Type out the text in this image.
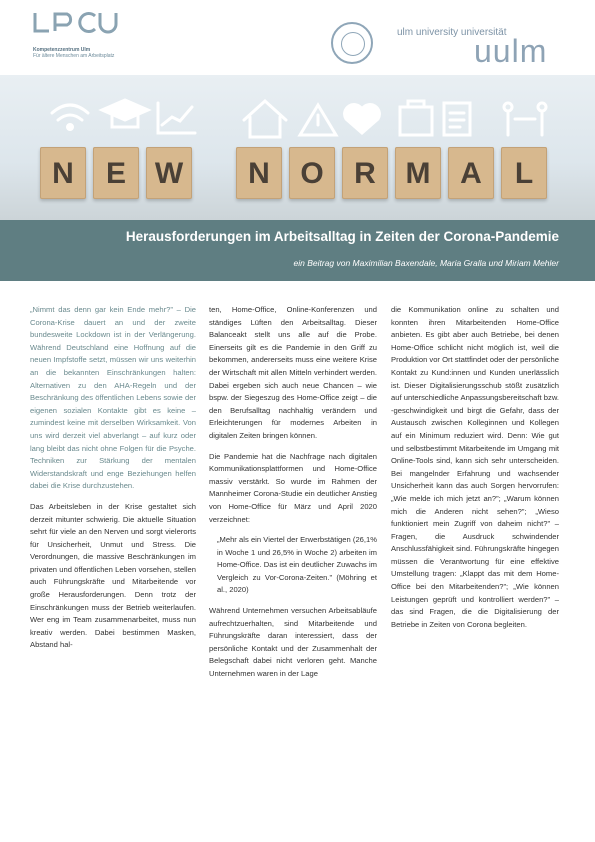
Kompetenzzentrum Ulm
Für ältere Menschen am Arbeitsplatz
ulm university universität
uulm
N	E W	N	O	R M A	L
Herausforderungen im Arbeitsalltag in Zeiten der Corona-Pandemie
ein Beitrag von Maximilian Baxendale, Maria Gralla und Miriam Mehler

„Nimmt das denn gar kein Ende mehr?” – Die Corona-Krise dauert an und der zweite bundesweite Lockdown ist in der Verlängerung. Während Deutschland eine Hoffnung auf die neuen Impfstoffe setzt, müssen wir uns weiterhin an die bekannten Einschränkungen halten: Alternativen zu den AHA-Regeln und der Beschränkung des öffentlichen Lebens sowie der eigenen sozialen Kontakte gibt es keine – zumindest keine mit derselben Wirksamkeit. Von uns wird derzeit viel abverlangt – auf kurz oder lang bleibt das nicht ohne Folgen für die Psyche. Techniken zur Stärkung der mentalen Widerstandskraft und enge Beziehungen helfen dabei die Krise durchzustehen.

Das Arbeitsleben in der Krise gestaltet sich derzeit mitunter schwierig. Die aktuelle Situation sehrt für viele an den Nerven und sorgt vielerorts für Unsicherheit, Unmut und Stress. Die Verordnungen, die massive Beschränkungen im privaten und öffentlichen Leben vorsehen, stellen auch Führungskräfte und Mitarbeitende vor große Herausforderungen. Denn trotz der Einschränkungen muss der Betrieb weiterlaufen. Wer eng im Team zusammenarbeitet, muss nun kreativ werden. Dabei bestimmen Masken, Abstand hal-

ten, Home-Office, Online-Konferenzen und ständiges Lüften den Arbeitsalltag. Dieser Balanceakt stellt uns alle auf die Probe. Einerseits gilt es die Pandemie in den Griff zu bekommen, andererseits muss eine weitere Krise der Wirtschaft mit allen Mitteln verhindert werden. Dabei ergeben sich auch neue Chancen – wie bspw. der Siegeszug des Home-Office zeigt – die den Berufsalltag nachhaltig verändern und Erleichterungen für modernes Arbeiten in digitalen Zeiten bringen können.

Die Pandemie hat die Nachfrage nach digitalen Kommunikationsplattformen und Home-Office massiv verstärkt. So wurde im Rahmen der Mannheimer Corona-Studie ein deutlicher Anstieg von Home-Office für März und April 2020 verzeichnet:

„Mehr als ein Viertel der Erwerbstätigen (26,1% in Woche 1 und 26,5% in Woche 2) arbeiten im Home-Office. Das ist ein deutlicher Zuwachs im Vergleich zu Vor-Corona-Zeiten.” (Möhring et al., 2020)

Während Unternehmen versuchen Arbeitsabläufe aufrechtzuerhalten, sind Mitarbeitende und Führungskräfte daran interessiert, dass der persönliche Kontakt und der Zusammenhalt der Belegschaft dabei nicht verloren geht. Manche Unternehmen waren in der Lage

die Kommunikation online zu schalten und konnten ihren Mitarbeitenden Home-Office anbieten. Es gibt aber auch Betriebe, bei denen Home-Office schlicht nicht möglich ist, weil die Produktion vor Ort stattfindet oder der persönliche Kontakt zu Kund:innen und Kunden unerlässlich ist. Dieser Digitalisierungsschub stößt zusätzlich auf unterschiedliche Anpassungsbereitschaft bzw. -geschwindigkeit und birgt die Gefahr, dass der Austausch zwischen Kolleginnen und Kollegen auf ein Minimum reduziert wird. Denn: Wie gut und selbstbestimmt Mitarbeitende im Umgang mit Online-Tools sind, kann sich sehr unterscheiden. Bei mangelnder Erfahrung und wachsender Unsicherheit kann das auch Sorgen hervorrufen: „Wie melde ich mich jetzt an?”; „Warum können mich die Anderen nicht sehen?”; „Wieso funktioniert mein Zugriff von daheim nicht?” – Fragen, die Ausdruck schwindender Anschlussfähigkeit sind. Führungskräfte hingegen müssen die Verantwortung für eine effektive Umstellung tragen: „Klappt das mit dem Home-Office bei den Mitarbeitenden?”; „Wie können Leistungen geprüft und kontrolliert werden?” – das sind Fragen, die die Digitalisierung der Betriebe in Zeiten von Corona begleiten.
